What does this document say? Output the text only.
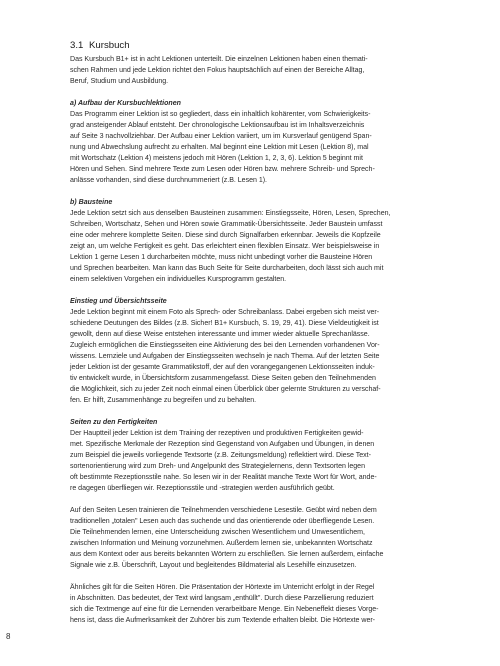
3.1 Kursbuch
Das Kursbuch B1+ ist in acht Lektionen unterteilt. Die einzelnen Lektionen haben einen themati-
schen Rahmen und jede Lektion richtet den Fokus hauptsächlich auf einen der Bereiche Alltag,
Beruf, Studium und Ausbildung.
a) Aufbau der Kursbuchlektionen
Das Programm einer Lektion ist so gegliedert, dass ein inhaltlich kohärenter, vom Schwierigkeits-
grad ansteigender Ablauf entsteht. Der chronologische Lektionsaufbau ist im Inhaltsverzeichnis
auf Seite 3 nachvollziehbar. Der Aufbau einer Lektion variiert, um im Kursverlauf genügend Span-
nung und Abwechslung aufrecht zu erhalten. Mal beginnt eine Lektion mit Lesen (Lektion 8), mal
mit Wortschatz (Lektion 4) meistens jedoch mit Hören (Lektion 1, 2, 3, 6). Lektion 5 beginnt mit
Hören und Sehen. Sind mehrere Texte zum Lesen oder Hören bzw. mehrere Schreib- und Sprech-
anlässe vorhanden, sind diese durchnummeriert (z.B. Lesen 1).
b) Bausteine
Jede Lektion setzt sich aus denselben Bausteinen zusammen: Einstiegsseite, Hören, Lesen, Sprechen,
Schreiben, Wortschatz, Sehen und Hören sowie Grammatik-Übersichtsseite. Jeder Baustein umfasst
eine oder mehrere komplette Seiten. Diese sind durch Signalfarben erkennbar. Jeweils die Kopfzeile
zeigt an, um welche Fertigkeit es geht. Das erleichtert einen flexiblen Einsatz. Wer beispielsweise in
Lektion 1 gerne Lesen 1 durcharbeiten möchte, muss nicht unbedingt vorher die Bausteine Hören
und Sprechen bearbeiten. Man kann das Buch Seite für Seite durcharbeiten, doch lässt sich auch mit
einem selektiven Vorgehen ein individuelles Kursprogramm gestalten.
Einstieg und Übersichtsseite
Jede Lektion beginnt mit einem Foto als Sprech- oder Schreibanlass. Dabei ergeben sich meist ver-
schiedene Deutungen des Bildes (z.B. Sicher! B1+ Kursbuch, S. 19, 29, 41). Diese Vieldeutigkeit ist
gewollt, denn auf diese Weise entstehen interessante und immer wieder aktuelle Sprechanlässe.
Zugleich ermöglichen die Einstiegsseiten eine Aktivierung des bei den Lernenden vorhandenen Vor-
wissens. Lernziele und Aufgaben der Einstiegsseiten wechseln je nach Thema. Auf der letzten Seite
jeder Lektion ist der gesamte Grammatikstoff, der auf den vorangegangenen Lektionsseiten induk-
tiv entwickelt wurde, in Übersichtsform zusammengefasst. Diese Seiten geben den Teilnehmenden
die Möglichkeit, sich zu jeder Zeit noch einmal einen Überblick über gelernte Strukturen zu verschaf-
fen. Er hilft, Zusammenhänge zu begreifen und zu behalten.
Seiten zu den Fertigkeiten
Der Hauptteil jeder Lektion ist dem Training der rezeptiven und produktiven Fertigkeiten gewid-
met. Spezifische Merkmale der Rezeption sind Gegenstand von Aufgaben und Übungen, in denen
zum Beispiel die jeweils vorliegende Textsorte (z.B. Zeitungsmeldung) reflektiert wird. Diese Text-
sortenorientierung wird zum Dreh- und Angelpunkt des Strategielernens, denn Textsorten legen
oft bestimmte Rezeptionsstile nahe. So lesen wir in der Realität manche Texte Wort für Wort, ande-
re dagegen überfliegen wir. Rezeptionsstile und -strategien werden ausführlich geübt.
Auf den Seiten Lesen trainieren die Teilnehmenden verschiedene Lesestile. Geübt wird neben dem
traditionellen „totalen" Lesen auch das suchende und das orientierende oder überfliegende Lesen.
Die Teilnehmenden lernen, eine Unterscheidung zwischen Wesentlichem und Unwesentlichem,
zwischen Information und Meinung vorzunehmen. Außerdem lernen sie, unbekannten Wortschatz
aus dem Kontext oder aus bereits bekannten Wörtern zu erschließen. Sie lernen außerdem, einfache
Signale wie z.B. Überschrift, Layout und begleitendes Bildmaterial als Lesehilfe einzusetzen.
Ähnliches gilt für die Seiten Hören. Die Präsentation der Hörtexte im Unterricht erfolgt in der Regel
in Abschnitten. Das bedeutet, der Text wird langsam „enthüllt". Durch diese Parzellierung reduziert
sich die Textmenge auf eine für die Lernenden verarbeitbare Menge. Ein Nebeneffekt dieses Vorge-
hens ist, dass die Aufmerksamkeit der Zuhörer bis zum Textende erhalten bleibt. Die Hörtexte wer-
8
